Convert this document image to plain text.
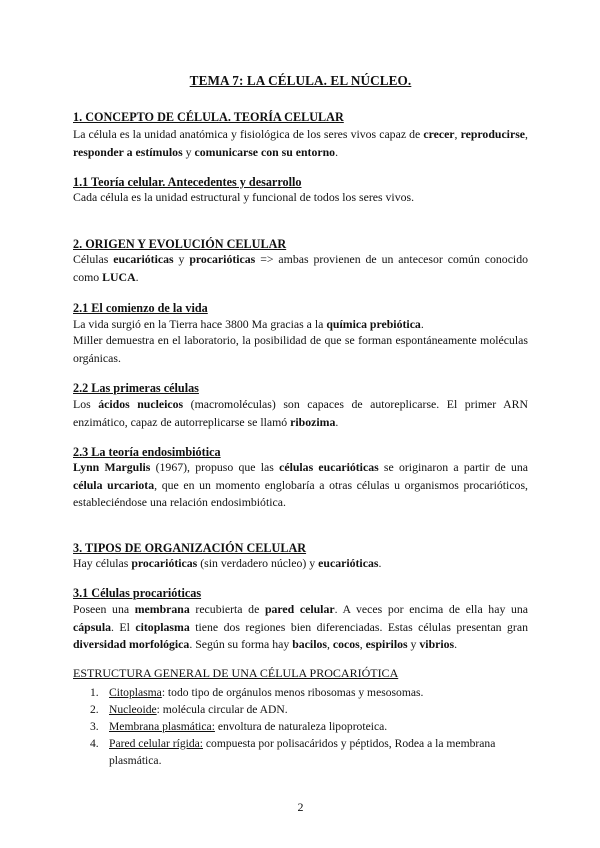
TEMA 7: LA CÉLULA. EL NÚCLEO.
1. CONCEPTO DE CÉLULA. TEORÍA CELULAR
La célula es la unidad anatómica y fisiológica de los seres vivos capaz de crecer, reproducirse, responder a estímulos y comunicarse con su entorno.
1.1 Teoría celular. Antecedentes y desarrollo
Cada célula es la unidad estructural y funcional de todos los seres vivos.
2. ORIGEN Y EVOLUCIÓN CELULAR
Células eucarióticas y procarióticas => ambas provienen de un antecesor común conocido como LUCA.
2.1 El comienzo de la vida
La vida surgió en la Tierra hace 3800 Ma gracias a la química prebiótica.
Miller demuestra en el laboratorio, la posibilidad de que se forman espontáneamente moléculas orgánicas.
2.2 Las primeras células
Los ácidos nucleicos (macromoléculas) son capaces de autoreplicarse. El primer ARN enzimático, capaz de autorreplicarse se llamó ribozima.
2.3 La teoría endosimbiótica
Lynn Margulis (1967), propuso que las células eucarióticas se originaron a partir de una célula urcariota, que en un momento englobaría a otras células u organismos procarióticos, estableciéndose una relación endosimbiótica.
3. TIPOS DE ORGANIZACIÓN CELULAR
Hay células procarióticas (sin verdadero núcleo) y eucarióticas.
3.1 Células procarióticas
Poseen una membrana recubierta de pared celular. A veces por encima de ella hay una cápsula. El citoplasma tiene dos regiones bien diferenciadas. Estas células presentan gran diversidad morfológica. Según su forma hay bacilos, cocos, espirilos y vibrios.
ESTRUCTURA GENERAL DE UNA CÉLULA PROCARIÓTICA
1. Citoplasma: todo tipo de orgánulos menos ribosomas y mesosomas.
2. Nucleoide: molécula circular de ADN.
3. Membrana plasmática: envoltura de naturaleza lipoproteica.
4. Pared celular rígida: compuesta por polisacáridos y péptidos, Rodea a la membrana plasmática.
2
